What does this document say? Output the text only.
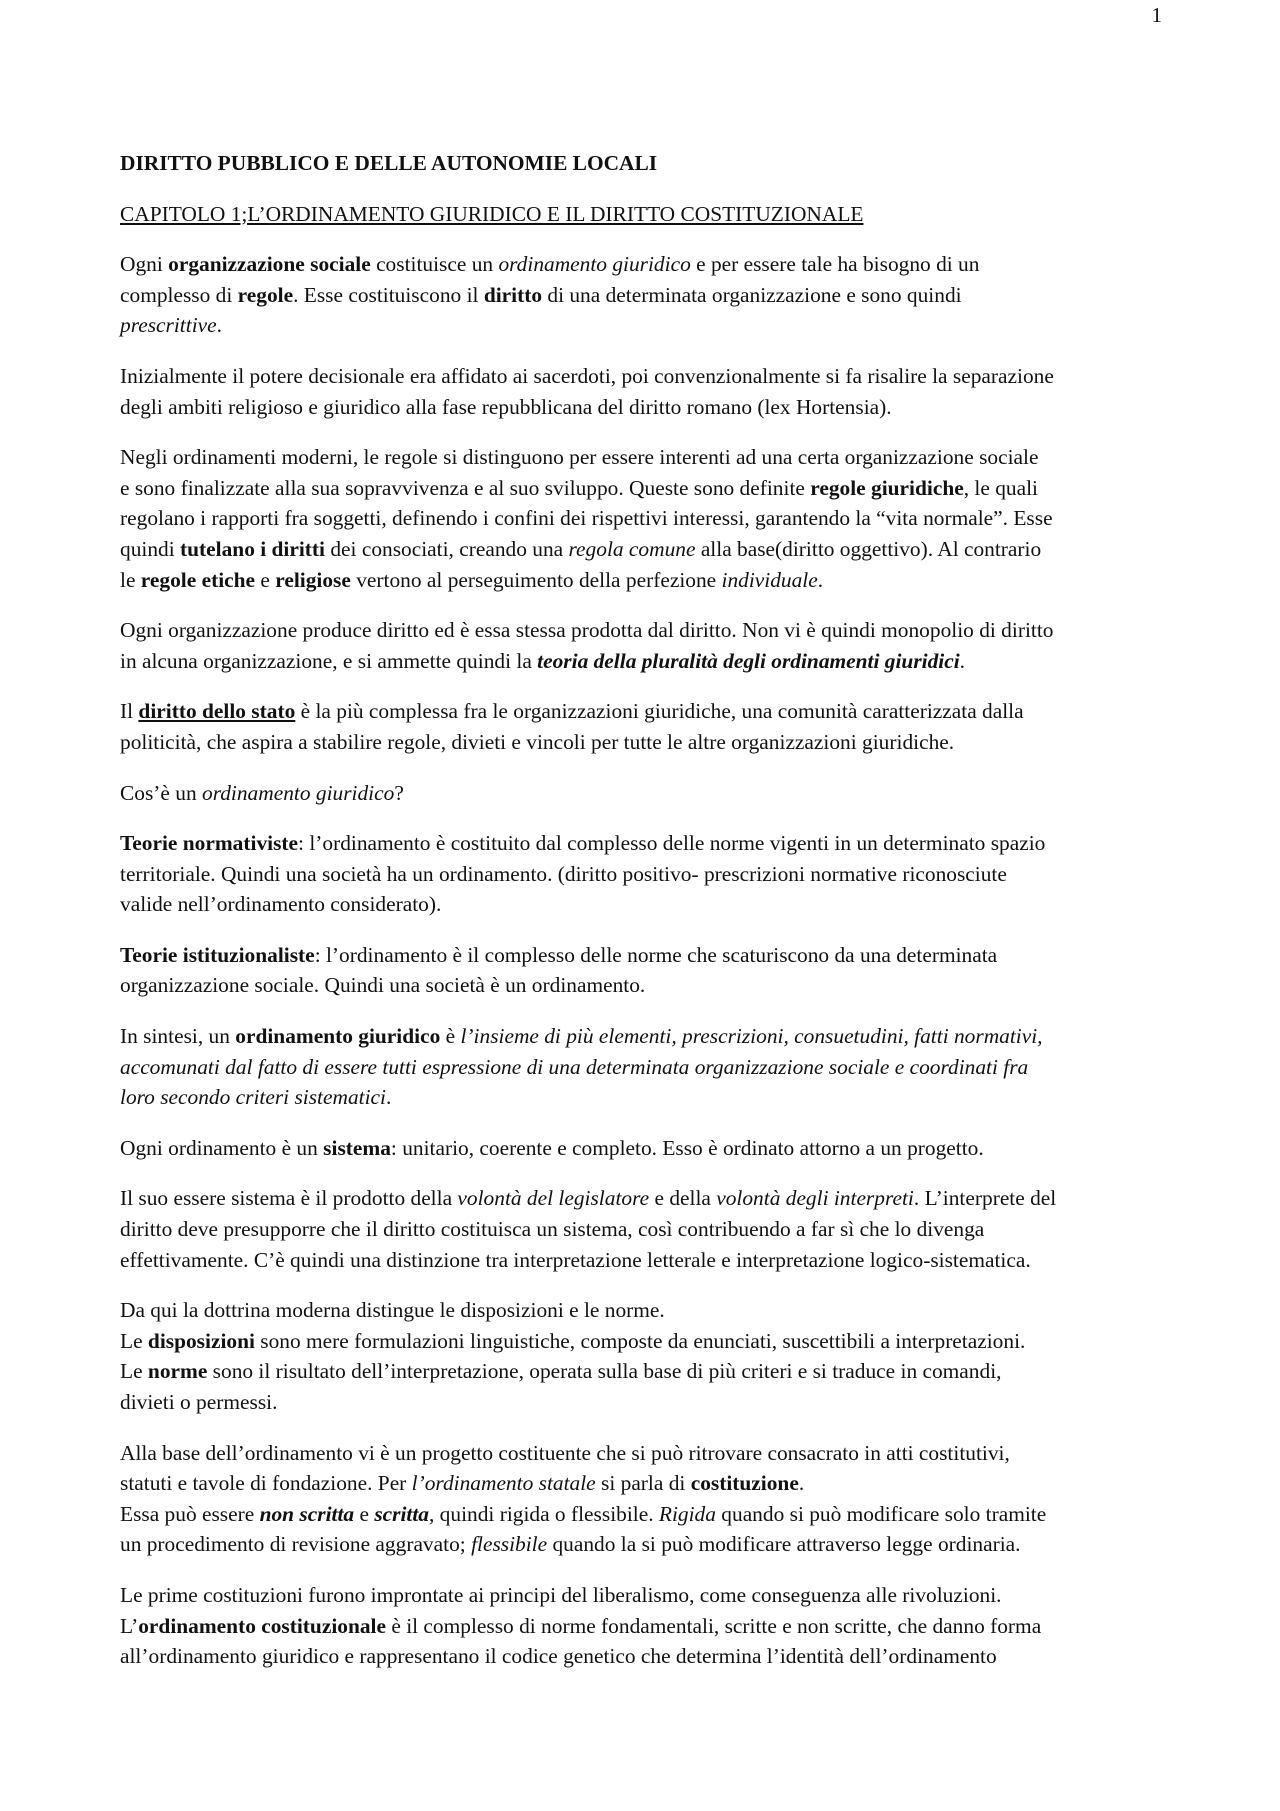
1
DIRITTO PUBBLICO E DELLE AUTONOMIE LOCALI
CAPITOLO 1;L’ORDINAMENTO GIURIDICO E IL DIRITTO COSTITUZIONALE

Ogni organizzazione sociale costituisce un ordinamento giuridico e per essere tale ha bisogno di un
complesso di regole. Esse costituiscono il diritto di una determinata organizzazione e sono quindi
prescrittive.

Inizialmente il potere decisionale era affidato ai sacerdoti, poi convenzionalmente si fa risalire la separazione
degli ambiti religioso e giuridico alla fase repubblicana del diritto romano (lex Hortensia).

Negli ordinamenti moderni, le regole si distinguono per essere interenti ad una certa organizzazione sociale
e sono finalizzate alla sua sopravvivenza e al suo sviluppo. Queste sono definite regole giuridiche, le quali
regolano i rapporti fra soggetti, definendo i confini dei rispettivi interessi, garantendo la “vita normale”. Esse
quindi tutelano i diritti dei consociati, creando una regola comune alla base(diritto oggettivo). Al contrario
le regole etiche e religiose vertono al perseguimento della perfezione individuale.

Ogni organizzazione produce diritto ed è essa stessa prodotta dal diritto. Non vi è quindi monopolio di diritto
in alcuna organizzazione, e si ammette quindi la teoria della pluralità degli ordinamenti giuridici.

Il diritto dello stato è la più complessa fra le organizzazioni giuridiche, una comunità caratterizzata dalla
politicità, che aspira a stabilire regole, divieti e vincoli per tutte le altre organizzazioni giuridiche.

Cos’è un ordinamento giuridico?

Teorie normativiste: l’ordinamento è costituito dal complesso delle norme vigenti in un determinato spazio
territoriale. Quindi una società ha un ordinamento. (diritto positivo- prescrizioni normative riconosciute
valide nell’ordinamento considerato).

Teorie istituzionaliste: l’ordinamento è il complesso delle norme che scaturiscono da una determinata
organizzazione sociale. Quindi una società è un ordinamento.

In sintesi, un ordinamento giuridico è l’insieme di più elementi, prescrizioni, consuetudini, fatti normativi,
accomunati dal fatto di essere tutti espressione di una determinata organizzazione sociale e coordinati fra
loro secondo criteri sistematici.

Ogni ordinamento è un sistema: unitario, coerente e completo. Esso è ordinato attorno a un progetto.

Il suo essere sistema è il prodotto della volontà del legislatore e della volontà degli interpreti. L’interprete del
diritto deve presupporre che il diritto costituisca un sistema, così contribuendo a far sì che lo divenga
effettivamente. C’è quindi una distinzione tra interpretazione letterale e interpretazione logico-sistematica.

Da qui la dottrina moderna distingue le disposizioni e le norme.
Le disposizioni sono mere formulazioni linguistiche, composte da enunciati, suscettibili a interpretazioni.
Le norme sono il risultato dell’interpretazione, operata sulla base di più criteri e si traduce in comandi,
divieti o permessi.

Alla base dell’ordinamento vi è un progetto costituente che si può ritrovare consacrato in atti costitutivi,
statuti e tavole di fondazione. Per l’ordinamento statale si parla di costituzione.
Essa può essere non scritta e scritta, quindi rigida o flessibile. Rigida quando si può modificare solo tramite
un procedimento di revisione aggravato; flessibile quando la si può modificare attraverso legge ordinaria.

Le prime costituzioni furono improntate ai principi del liberalismo, come conseguenza alle rivoluzioni.
L’ordinamento costituzionale è il complesso di norme fondamentali, scritte e non scritte, che danno forma
all’ordinamento giuridico e rappresentano il codice genetico che determina l’identità dell’ordinamento
